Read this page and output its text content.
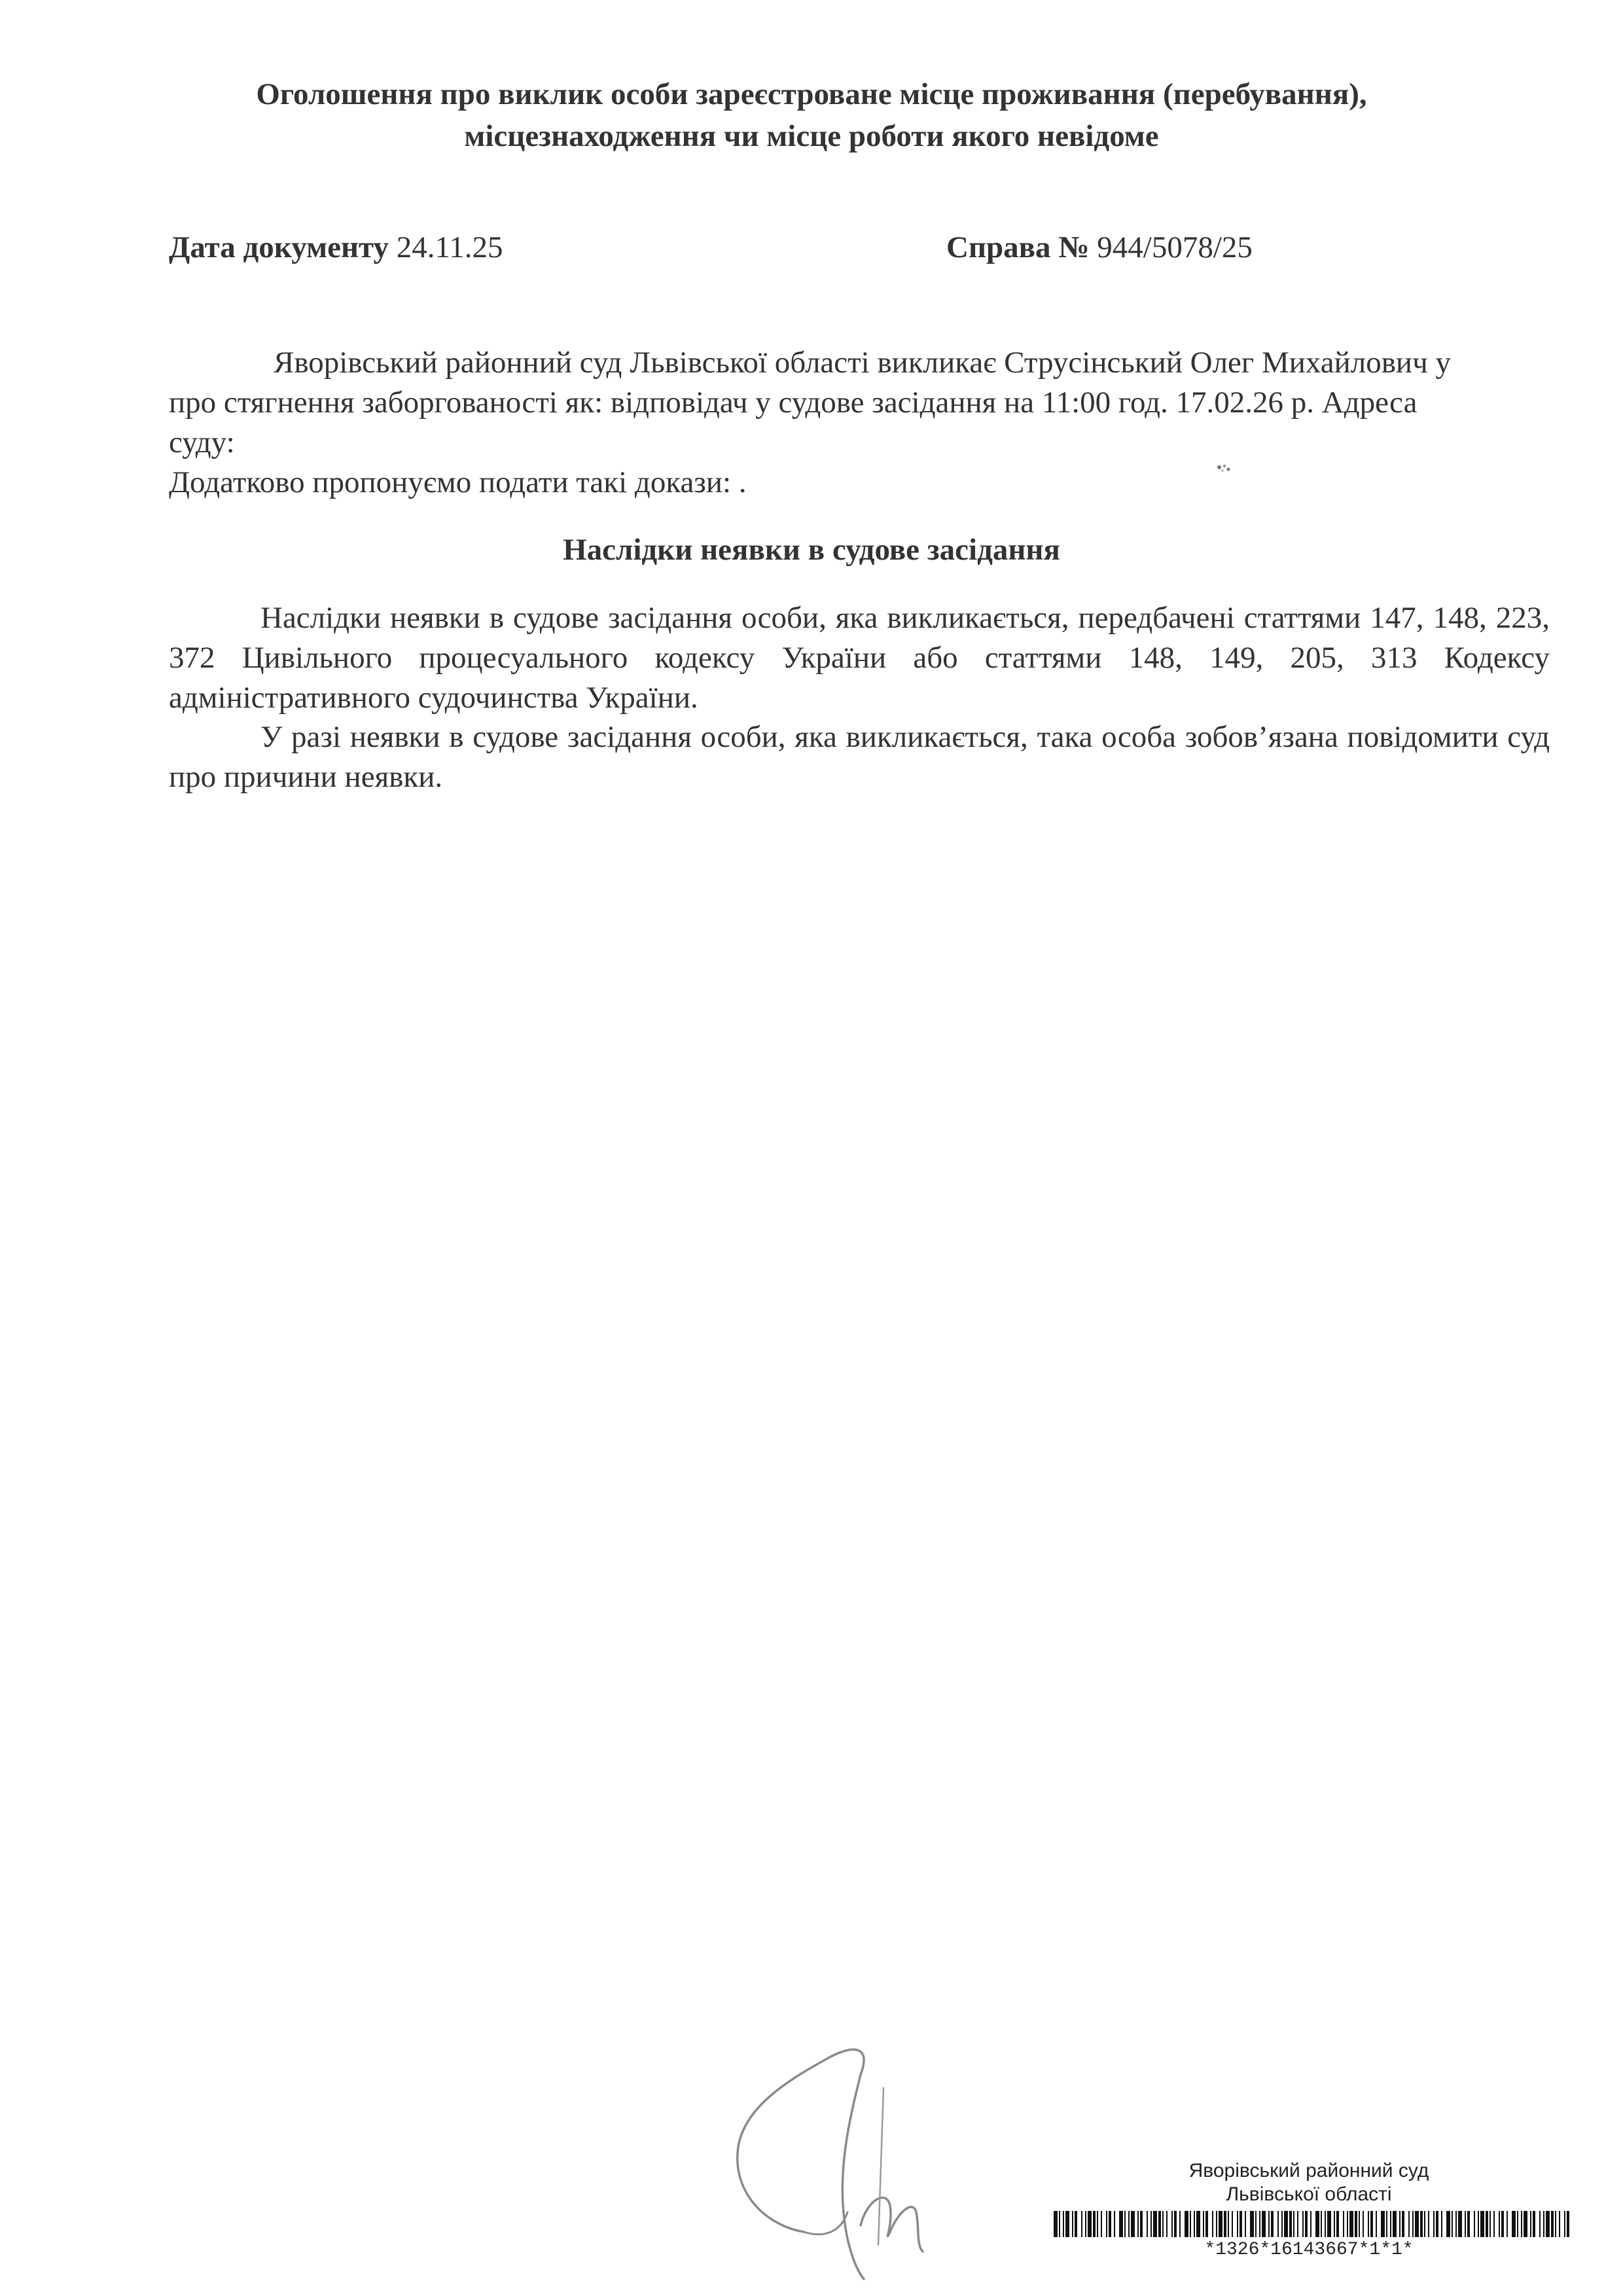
Оголошення про виклик особи зареєстроване місце проживання (перебування),
місцезнаходження чи місце роботи якого невідоме
Дата документу 24.11.25	Справа № 944/5078/25
Яворівський районний суд Львівської області викликає Струсінський Олег Михайлович у
про стягнення заборгованості як: відповідач у судове засідання на 11:00 год. 17.02.26 р. Адреса
суду:
Додатково пропонуємо подати такі докази: .
Наслідки неявки в судове засідання
Наслідки неявки в судове засідання особи, яка викликається, передбачені статтями 147, 148, 223, 372 Цивільного процесуального кодексу України або статтями 148, 149, 205, 313 Кодексу адміністративного судочинства України.
У разі неявки в судове засідання особи, яка викликається, така особа зобов’язана повідомити суд про причини неявки.
Яворівський районний суд
Львівської області
*1326*16143667*1*1*
